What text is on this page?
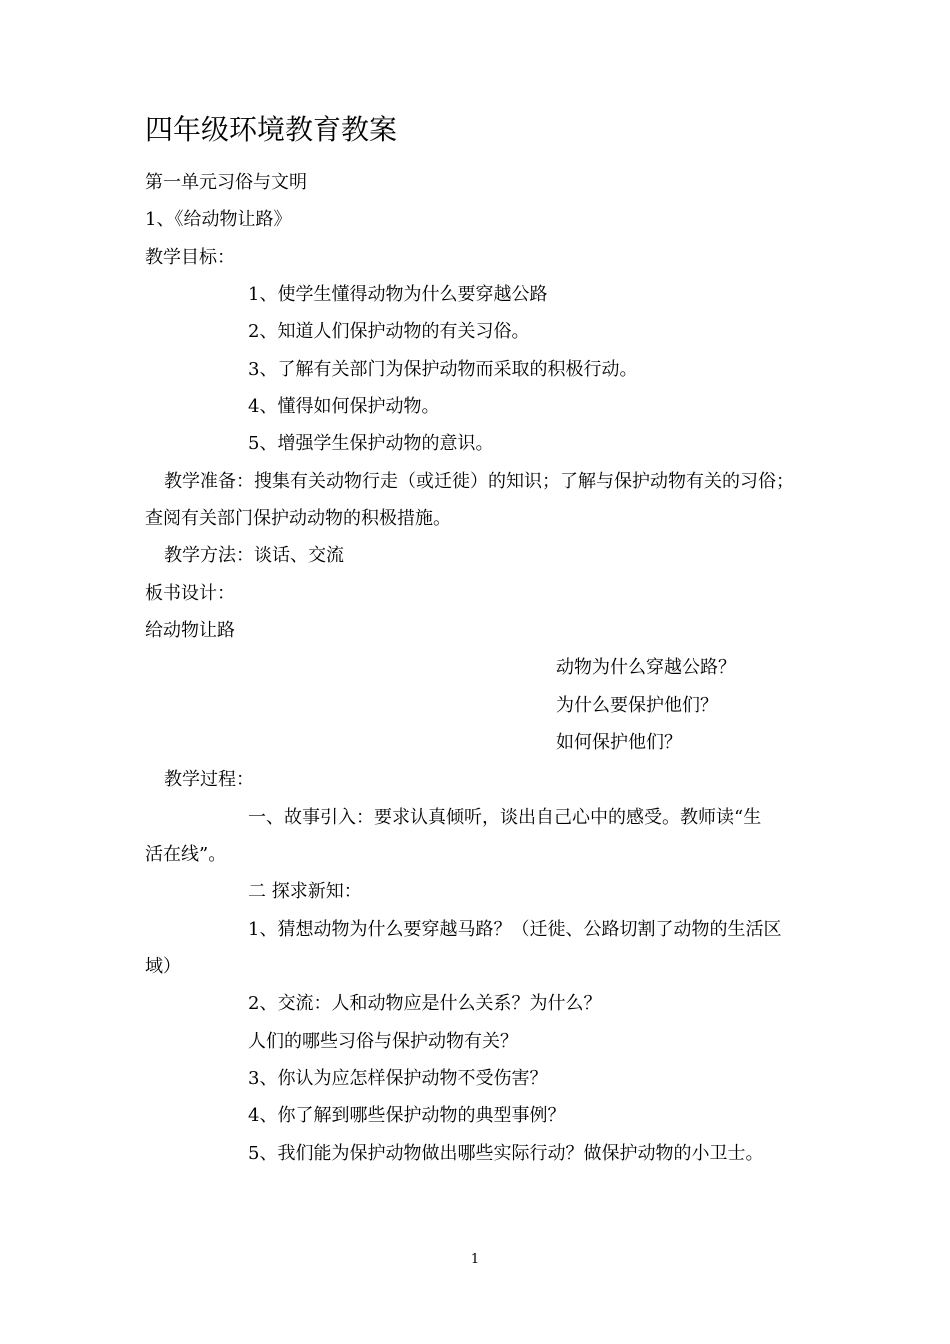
四年级环境教育教案
第一单元习俗与文明
1、《给动物让路》
教学目标：
1、使学生懂得动物为什么要穿越公路
2、知道人们保护动物的有关习俗。
3、了解有关部门为保护动物而采取的积极行动。
4、懂得如何保护动物。
5、增强学生保护动物的意识。
教学准备：搜集有关动物行走（或迁徙）的知识；了解与保护动物有关的习俗；
查阅有关部门保护动动物的积极措施。
教学方法：谈话、交流
板书设计：
给动物让路
动物为什么穿越公路？
为什么要保护他们？
如何保护他们？
教学过程：
一、故事引入：要求认真倾听，谈出自己心中的感受。教师读“生
活在线”。
二 探求新知：
1、猜想动物为什么要穿越马路？（迁徙、公路切割了动物的生活区
域）
2、交流：人和动物应是什么关系？为什么？
人们的哪些习俗与保护动物有关？
3、你认为应怎样保护动物不受伤害？
4、你了解到哪些保护动物的典型事例？
5、我们能为保护动物做出哪些实际行动？做保护动物的小卫士。
1
